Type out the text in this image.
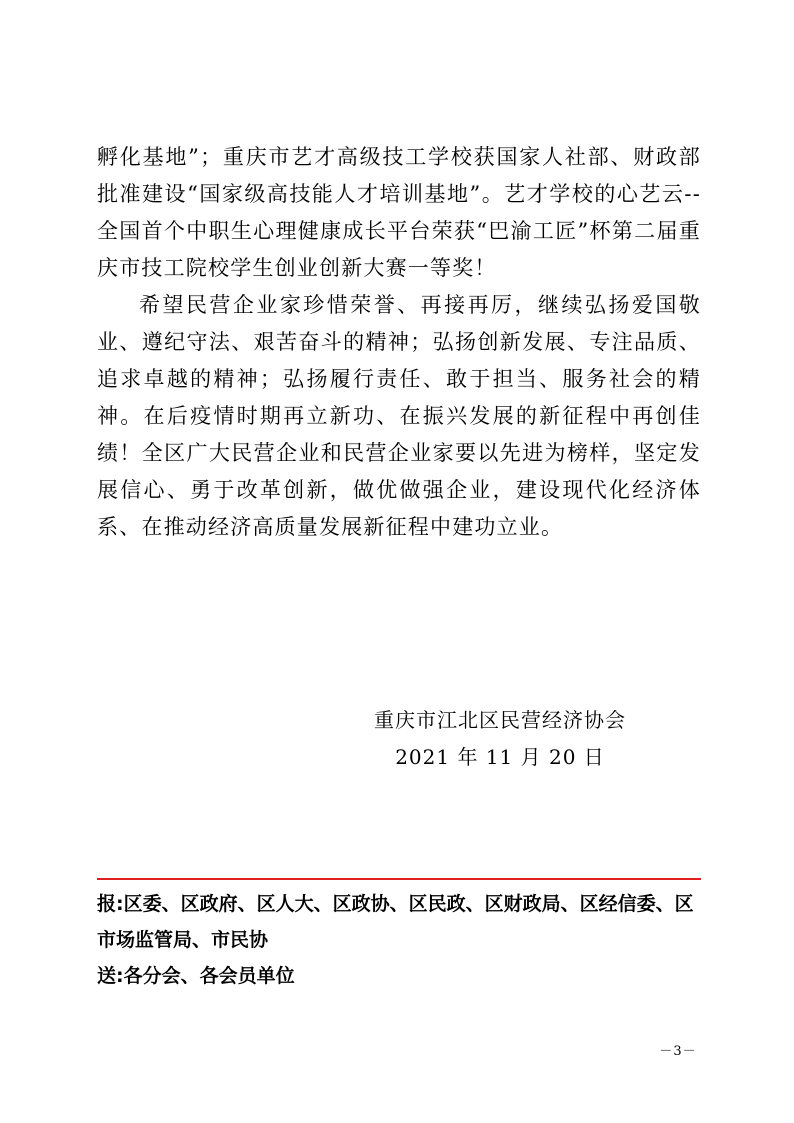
孵化基地”；重庆市艺才高级技工学校获国家人社部、财政部批准建设“国家级高技能人才培训基地”。艺才学校的心艺云--全国首个中职生心理健康成长平台荣获“巴渝工匠”杯第二届重庆市技工院校学生创业创新大赛一等奖！

希望民营企业家珍惜荣誉、再接再厉，继续弘扬爱国敬业、遵纪守法、艰苦奋斗的精神；弘扬创新发展、专注品质、追求卓越的精神；弘扬履行责任、敢于担当、服务社会的精神。在后疫情时期再立新功、在振兴发展的新征程中再创佳绩！全区广大民营企业和民营企业家要以先进为榜样，坚定发展信心、勇于改革创新，做优做强企业，建设现代化经济体系、在推动经济高质量发展新征程中建功立业。

重庆市江北区民营经济协会
2021 年 11 月 20 日
报:区委、区政府、区人大、区政协、区民政、区财政局、区经信委、区市场监管局、市民协
送:各分会、各会员单位
－3－
